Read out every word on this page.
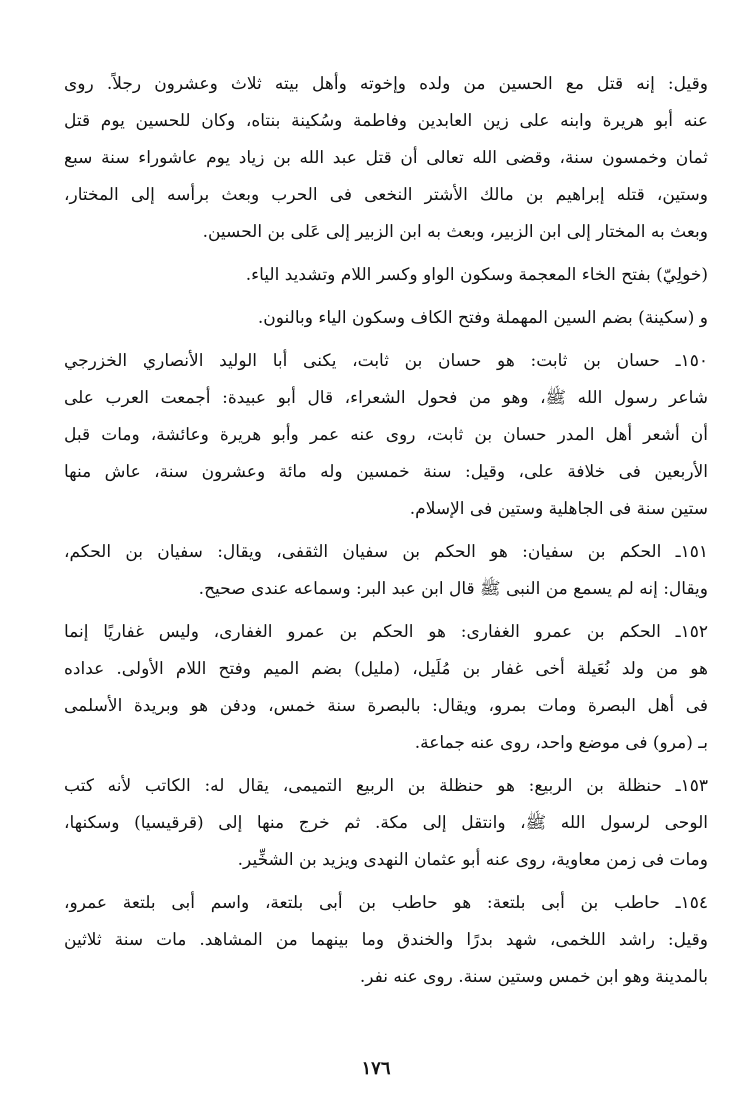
وقيل: إنه قتل مع الحسين من ولده وإخوته وأهل بيته ثلاث وعشرون رجلاً. روى
عنه أبو هريرة وابنه على زين العابدين وفاطمة وسُكينة بنتاه، وكان للحسين يوم قتل
ثمان وخمسون سنة، وقضى الله تعالى أن قتل عبد الله بن زياد يوم عاشوراء سنة سبع
وستين، قتله إبراهيم بن مالك الأشتر النخعى فى الحرب وبعث برأسه إلى المختار،
وبعث به المختار إلى ابن الزبير، وبعث به ابن الزبير إلى عَلى بن الحسين.

(خولِيّ) بفتح الخاء المعجمة وسكون الواو وكسر اللام وتشديد الياء.

و (سكينة) بضم السين المهملة وفتح الكاف وسكون الياء وبالنون.

١٥٠ـ حسان بن ثابت: هو حسان بن ثابت، يكنى أبا الوليد الأنصاري الخزرجي
شاعر رسول الله ﷺ، وهو من فحول الشعراء، قال أبو عبيدة: أجمعت العرب على
أن أشعر أهل المدر حسان بن ثابت، روى عنه عمر وأبو هريرة وعائشة، ومات قبل
الأربعين فى خلافة على، وقيل: سنة خمسين وله مائة وعشرون سنة، عاش منها
ستين سنة فى الجاهلية وستين فى الإسلام.

١٥١ـ الحكم بن سفيان: هو الحكم بن سفيان الثقفى، ويقال: سفيان بن الحكم،
ويقال: إنه لم يسمع من النبى ﷺ قال ابن عبد البر: وسماعه عندى صحيح.

١٥٢ـ الحكم بن عمرو الغفارى: هو الحكم بن عمرو الغفارى، وليس غفاريًا إنما
هو من ولد نُعَيلة أخى غفار بن مُلَيل، (مليل) بضم الميم وفتح اللام الأولى. عداده
فى أهل البصرة ومات بمرو، ويقال: بالبصرة سنة خمس، ودفن هو وبريدة الأسلمى
بـ (مرو) فى موضع واحد، روى عنه جماعة.

١٥٣ـ حنظلة بن الربيع: هو حنظلة بن الربيع التميمى، يقال له: الكاتب لأنه كتب
الوحى لرسول الله ﷺ، وانتقل إلى مكة. ثم خرج منها إلى (قرقيسيا) وسكنها،
ومات فى زمن معاوية، روى عنه أبو عثمان النهدى ويزيد بن الشخِّير.

١٥٤ـ حاطب بن أبى بلتعة: هو حاطب بن أبى بلتعة، واسم أبى بلتعة عمرو،
وقيل: راشد اللخمى، شهد بدرًا والخندق وما بينهما من المشاهد. مات سنة ثلاثين
بالمدينة وهو ابن خمس وستين سنة. روى عنه نفر.

١٧٦
